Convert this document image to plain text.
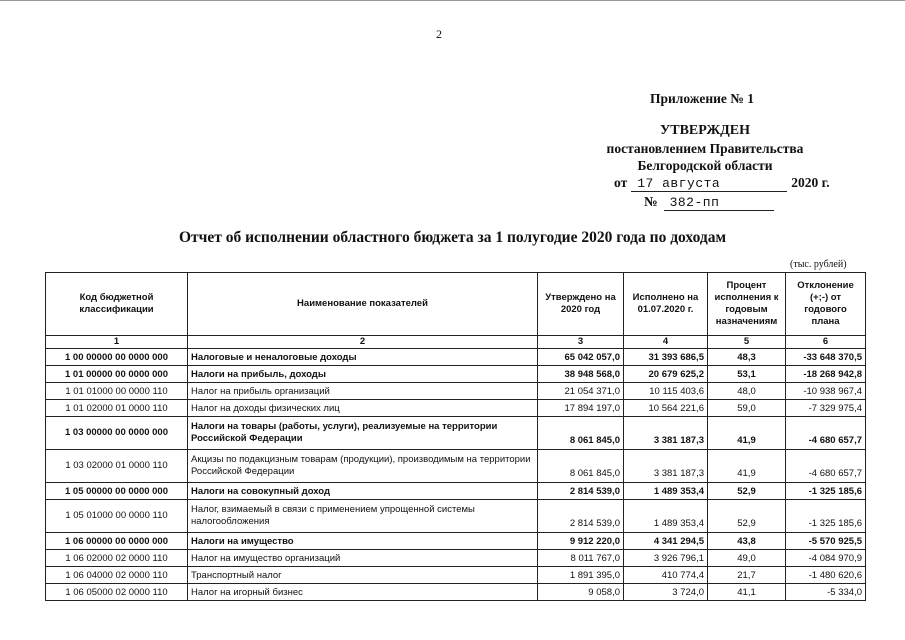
2
Приложение № 1
УТВЕРЖДЕН
постановлением Правительства
Белгородской области
от 17 августа	2020 г.
№ 382-пп
Отчет об исполнении областного бюджета за 1 полугодие 2020 года по доходам
(тыс. рублей)
Код бюджетной классификации	Наименование показателей	Утверждено на 2020 год	Исполнено на 01.07.2020 г.	Процент исполнения к годовым назначениям	Отклонение (+;-) от годового плана
1	2	3	4	5	6
1 00 00000 00 0000 000	Налоговые и неналоговые доходы	65 042 057,0	31 393 686,5	48,3	-33 648 370,5
1 01 00000 00 0000 000	Налоги на прибыль, доходы	38 948 568,0	20 679 625,2	53,1	-18 268 942,8
1 01 01000 00 0000 110	Налог на прибыль организаций	21 054 371,0	10 115 403,6	48,0	-10 938 967,4
1 01 02000 01 0000 110	Налог на доходы физических лиц	17 894 197,0	10 564 221,6	59,0	-7 329 975,4
1 03 00000 00 0000 000	Налоги на товары (работы, услуги), реализуемые на территории Российской Федерации	8 061 845,0	3 381 187,3	41,9	-4 680 657,7
1 03 02000 01 0000 110	Акцизы по подакцизным товарам (продукции), производимым на территории Российской Федерации	8 061 845,0	3 381 187,3	41,9	-4 680 657,7
1 05 00000 00 0000 000	Налоги на совокупный доход	2 814 539,0	1 489 353,4	52,9	-1 325 185,6
1 05 01000 00 0000 110	Налог, взимаемый в связи с применением упрощенной системы налогообложения	2 814 539,0	1 489 353,4	52,9	-1 325 185,6
1 06 00000 00 0000 000	Налоги на имущество	9 912 220,0	4 341 294,5	43,8	-5 570 925,5
1 06 02000 02 0000 110	Налог на имущество организаций	8 011 767,0	3 926 796,1	49,0	-4 084 970,9
1 06 04000 02 0000 110	Транспортный налог	1 891 395,0	410 774,4	21,7	-1 480 620,6
1 06 05000 02 0000 110	Налог на игорный бизнес	9 058,0	3 724,0	41,1	-5 334,0
